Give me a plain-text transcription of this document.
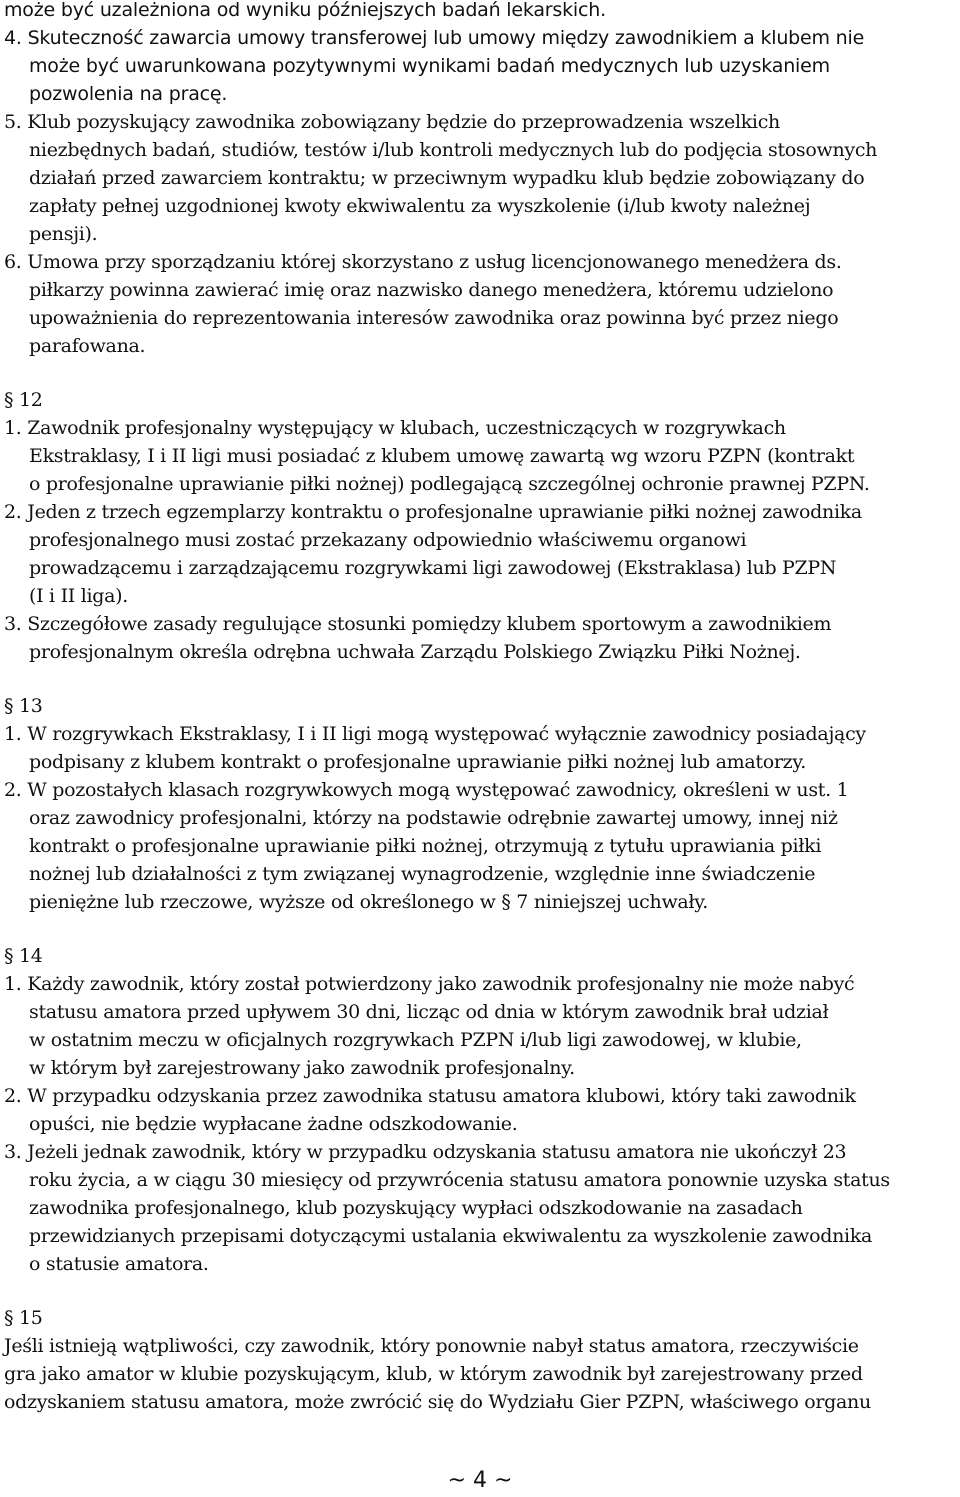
może być uzależniona od wyniku późniejszych badań lekarskich.
4. Skuteczność zawarcia umowy transferowej lub umowy między zawodnikiem a klubem nie
może być uwarunkowana pozytywnymi wynikami badań medycznych lub uzyskaniem
pozwolenia na pracę.
5. Klub pozyskujący zawodnika zobowiązany będzie do przeprowadzenia wszelkich
niezbędnych badań, studiów, testów i/lub kontroli medycznych lub do podjęcia stosownych
działań przed zawarciem kontraktu; w przeciwnym wypadku klub będzie zobowiązany do
zapłaty pełnej uzgodnionej kwoty ekwiwalentu za wyszkolenie (i/lub kwoty należnej
pensji).
6. Umowa przy sporządzaniu której skorzystano z usług licencjonowanego menedżera ds.
piłkarzy powinna zawierać imię oraz nazwisko danego menedżera, któremu udzielono
upoważnienia do reprezentowania interesów zawodnika oraz powinna być przez niego
parafowana.
§ 12
1. Zawodnik profesjonalny występujący w klubach, uczestniczących w rozgrywkach
Ekstraklasy, I i II ligi musi posiadać z klubem umowę zawartą wg wzoru PZPN (kontrakt
o profesjonalne uprawianie piłki nożnej) podlegającą szczególnej ochronie prawnej PZPN.
2. Jeden z trzech egzemplarzy kontraktu o profesjonalne uprawianie piłki nożnej zawodnika
profesjonalnego musi zostać przekazany odpowiednio właściwemu organowi
prowadzącemu i zarządzającemu rozgrywkami ligi zawodowej (Ekstraklasa) lub PZPN
(I i II liga).
3. Szczegółowe zasady regulujące stosunki pomiędzy klubem sportowym a zawodnikiem
profesjonalnym określa odrębna uchwała Zarządu Polskiego Związku Piłki Nożnej.
§ 13
1. W rozgrywkach Ekstraklasy, I i II ligi mogą występować wyłącznie zawodnicy posiadający
podpisany z klubem kontrakt o profesjonalne uprawianie piłki nożnej lub amatorzy.
2. W pozostałych klasach rozgrywkowych mogą występować zawodnicy, określeni w ust. 1
oraz zawodnicy profesjonalni, którzy na podstawie odrębnie zawartej umowy, innej niż
kontrakt o profesjonalne uprawianie piłki nożnej, otrzymują z tytułu uprawiania piłki
nożnej lub działalności z tym związanej wynagrodzenie, względnie inne świadczenie
pieniężne lub rzeczowe, wyższe od określonego w § 7 niniejszej uchwały.
§ 14
1. Każdy zawodnik, który został potwierdzony jako zawodnik profesjonalny nie może nabyć
statusu amatora przed upływem 30 dni, licząc od dnia w którym zawodnik brał udział
w ostatnim meczu w oficjalnych rozgrywkach PZPN i/lub ligi zawodowej, w klubie,
w którym był zarejestrowany jako zawodnik profesjonalny.
2. W przypadku odzyskania przez zawodnika statusu amatora klubowi, który taki zawodnik
opuści, nie będzie wypłacane żadne odszkodowanie.
3. Jeżeli jednak zawodnik, który w przypadku odzyskania statusu amatora nie ukończył 23
roku życia, a w ciągu 30 miesięcy od przywrócenia statusu amatora ponownie uzyska status
zawodnika profesjonalnego, klub pozyskujący wypłaci odszkodowanie na zasadach
przewidzianych przepisami dotyczącymi ustalania ekwiwalentu za wyszkolenie zawodnika
o statusie amatora.
§ 15
Jeśli istnieją wątpliwości, czy zawodnik, który ponownie nabył status amatora, rzeczywiście
gra jako amator w klubie pozyskującym, klub, w którym zawodnik był zarejestrowany przed
odzyskaniem statusu amatora, może zwrócić się do Wydziału Gier PZPN, właściwego organu
~ 4 ~
